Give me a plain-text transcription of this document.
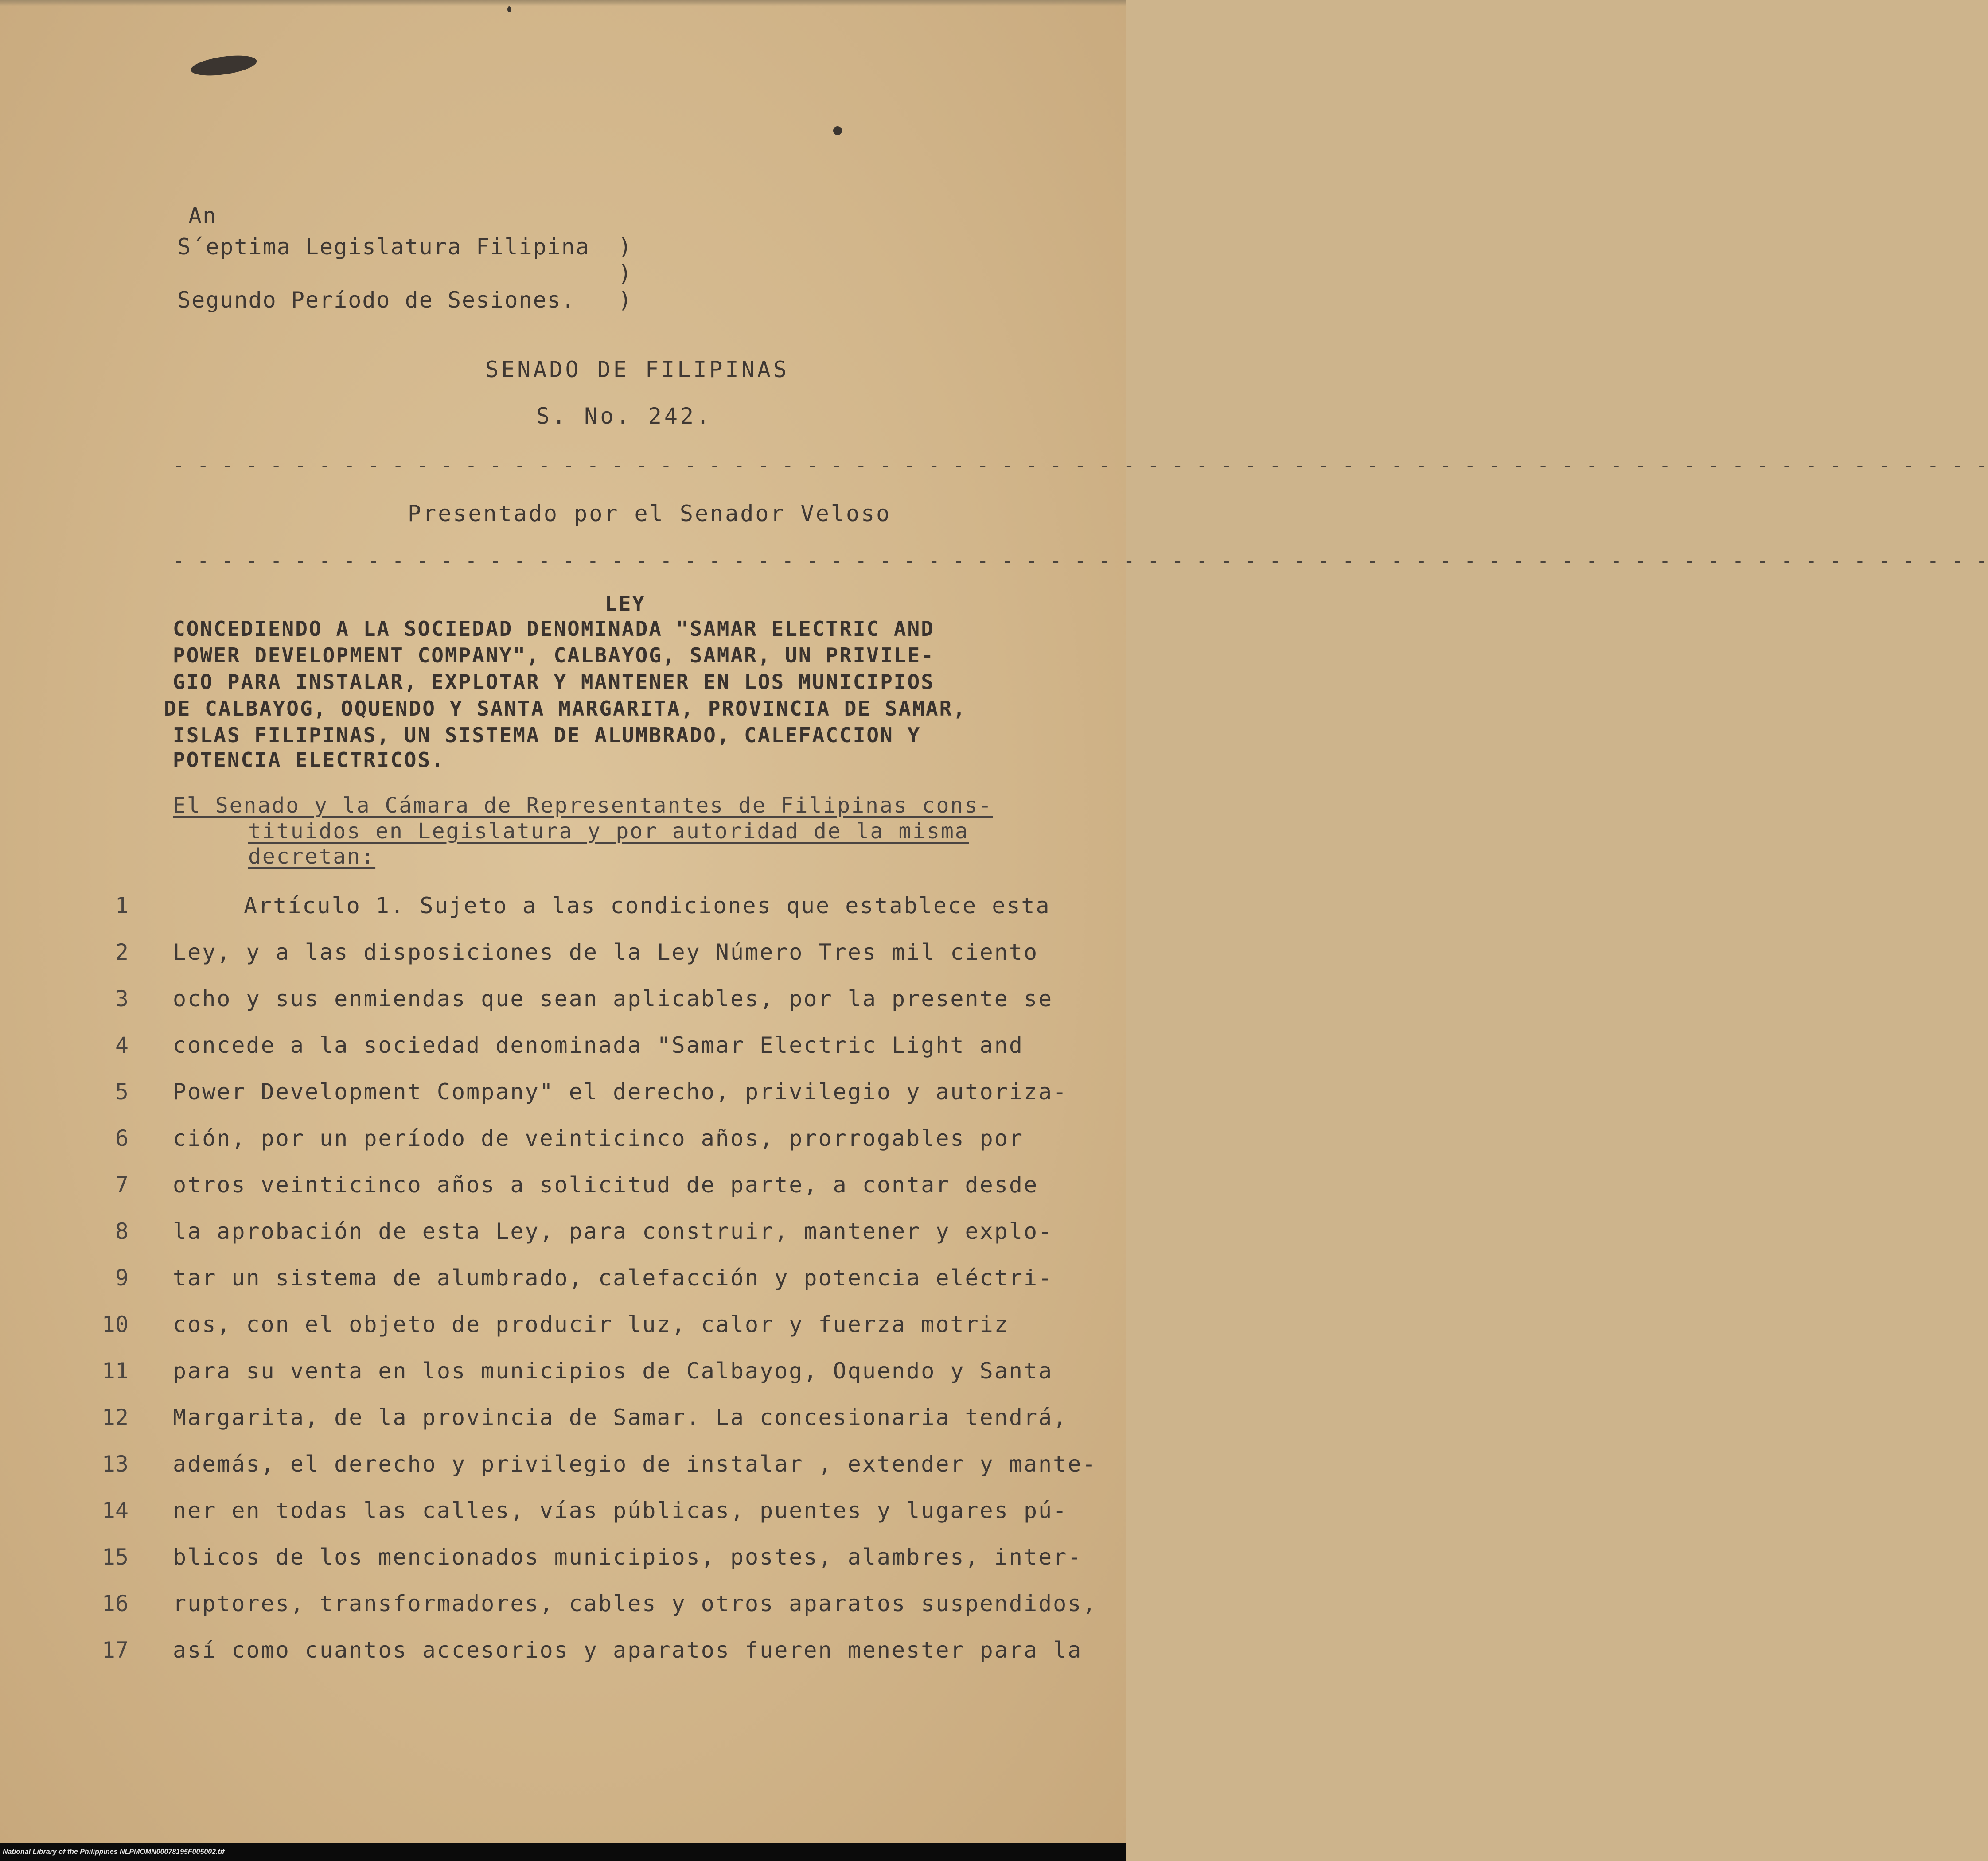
An
S´eptima Legislatura Filipina
Segundo Período de Sesiones.
)
)
)
SENADO DE FILIPINAS
S. No. 242.
- - - - - - - - - - - - - - - - - - - - - - - - - - - - - - - - - - - - - - - - - - - - - - - - - - - - - - - - - - - - - - - - - - - - - - - - - - -
Presentado por el Senador Veloso
- - - - - - - - - - - - - - - - - - - - - - - - - - - - - - - - - - - - - - - - - - - - - - - - - - - - - - - - - - - - - - - - - - - - - - - - - - -
LEY
CONCEDIENDO A LA SOCIEDAD DENOMINADA "SAMAR ELECTRIC AND
POWER DEVELOPMENT COMPANY", CALBAYOG, SAMAR, UN PRIVILE-
GIO PARA INSTALAR, EXPLOTAR Y MANTENER EN LOS MUNICIPIOS
DE CALBAYOG, OQUENDO Y SANTA MARGARITA, PROVINCIA DE SAMAR,
ISLAS FILIPINAS, UN SISTEMA DE ALUMBRADO, CALEFACCION Y
POTENCIA ELECTRICOS.
El Senado y la Cámara de Representantes de Filipinas cons-
tituidos en Legislatura y por autoridad de la misma
decretan:
1	Artículo 1. Sujeto a las condiciones que establece esta
2 Ley, y a las disposiciones de la Ley Número Tres mil ciento
3 ocho y sus enmiendas que sean aplicables, por la presente se
4 concede a la sociedad denominada "Samar Electric Light and
5 Power Development Company" el derecho, privilegio y autoriza-
6 ción, por un período de veinticinco años, prorrogables por
7 otros veinticinco años a solicitud de parte, a contar desde
8 la aprobación de esta Ley, para construir, mantener y explo-
9 tar un sistema de alumbrado, calefacción y potencia eléctri-
10 cos, con el objeto de producir luz, calor y fuerza motriz
11 para su venta en los municipios de Calbayog, Oquendo y Santa
12 Margarita, de la provincia de Samar. La concesionaria tendrá,
13 además, el derecho y privilegio de instalar , extender y mante-
14 ner en todas las calles, vías públicas, puentes y lugares pú-
15 blicos de los mencionados municipios, postes, alambres, inter-
16 ruptores, transformadores, cables y otros aparatos suspendidos,
17 así como cuantos accesorios y aparatos fueren menester para la
National Library of the Philippines NLPMOMN00078195F005002.tif
